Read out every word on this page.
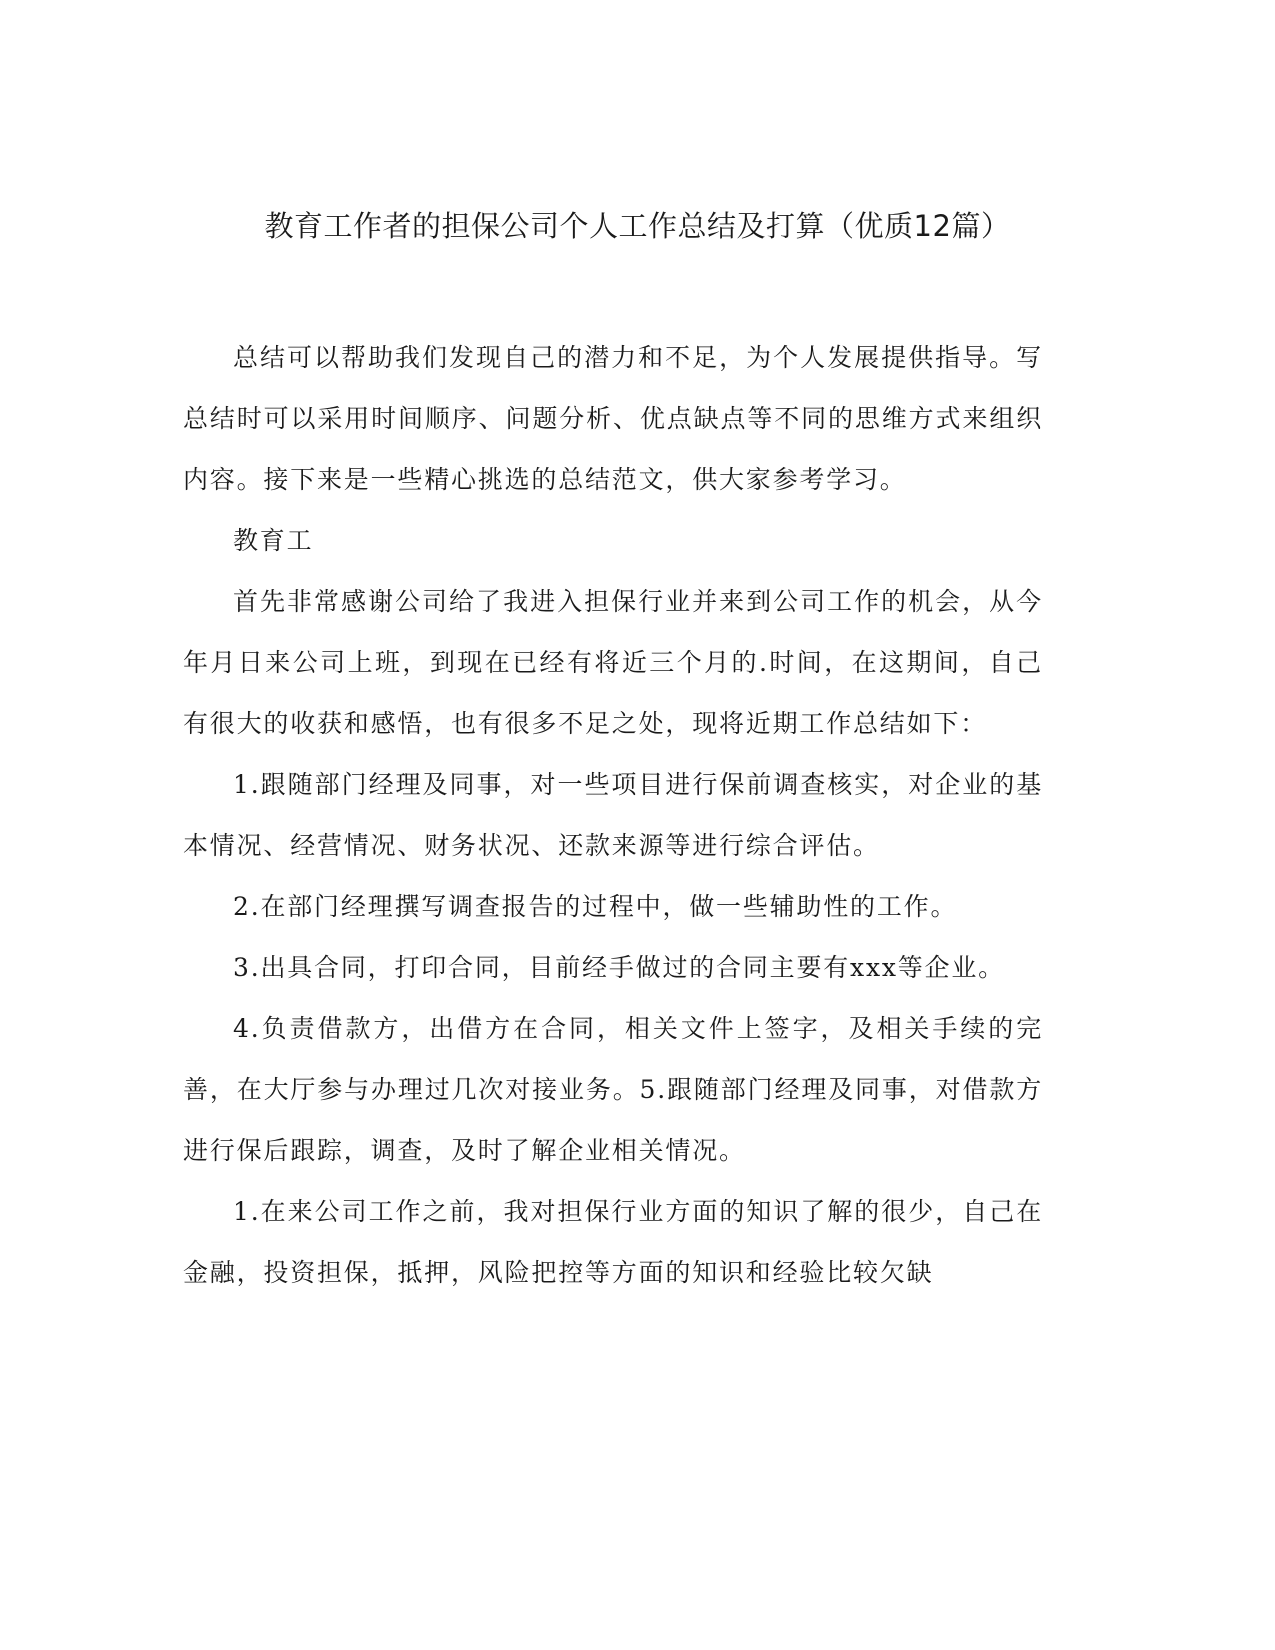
教育工作者的担保公司个人工作总结及打算（优质12篇）

总结可以帮助我们发现自己的潜力和不足，为个人发展提供指导。写总结时可以采用时间顺序、问题分析、优点缺点等不同的思维方式来组织内容。接下来是一些精心挑选的总结范文，供大家参考学习。

教育工

首先非常感谢公司给了我进入担保行业并来到公司工作的机会，从今年月日来公司上班，到现在已经有将近三个月的.时间，在这期间，自己有很大的收获和感悟，也有很多不足之处，现将近期工作总结如下：

1.跟随部门经理及同事，对一些项目进行保前调查核实，对企业的基本情况、经营情况、财务状况、还款来源等进行综合评估。

2.在部门经理撰写调查报告的过程中，做一些辅助性的工作。

3.出具合同，打印合同，目前经手做过的合同主要有xxx等企业。

4.负责借款方，出借方在合同，相关文件上签字，及相关手续的完善，在大厅参与办理过几次对接业务。5.跟随部门经理及同事，对借款方进行保后跟踪，调查，及时了解企业相关情况。

1.在来公司工作之前，我对担保行业方面的知识了解的很少，自己在金融，投资担保，抵押，风险把控等方面的知识和经验比较欠缺
